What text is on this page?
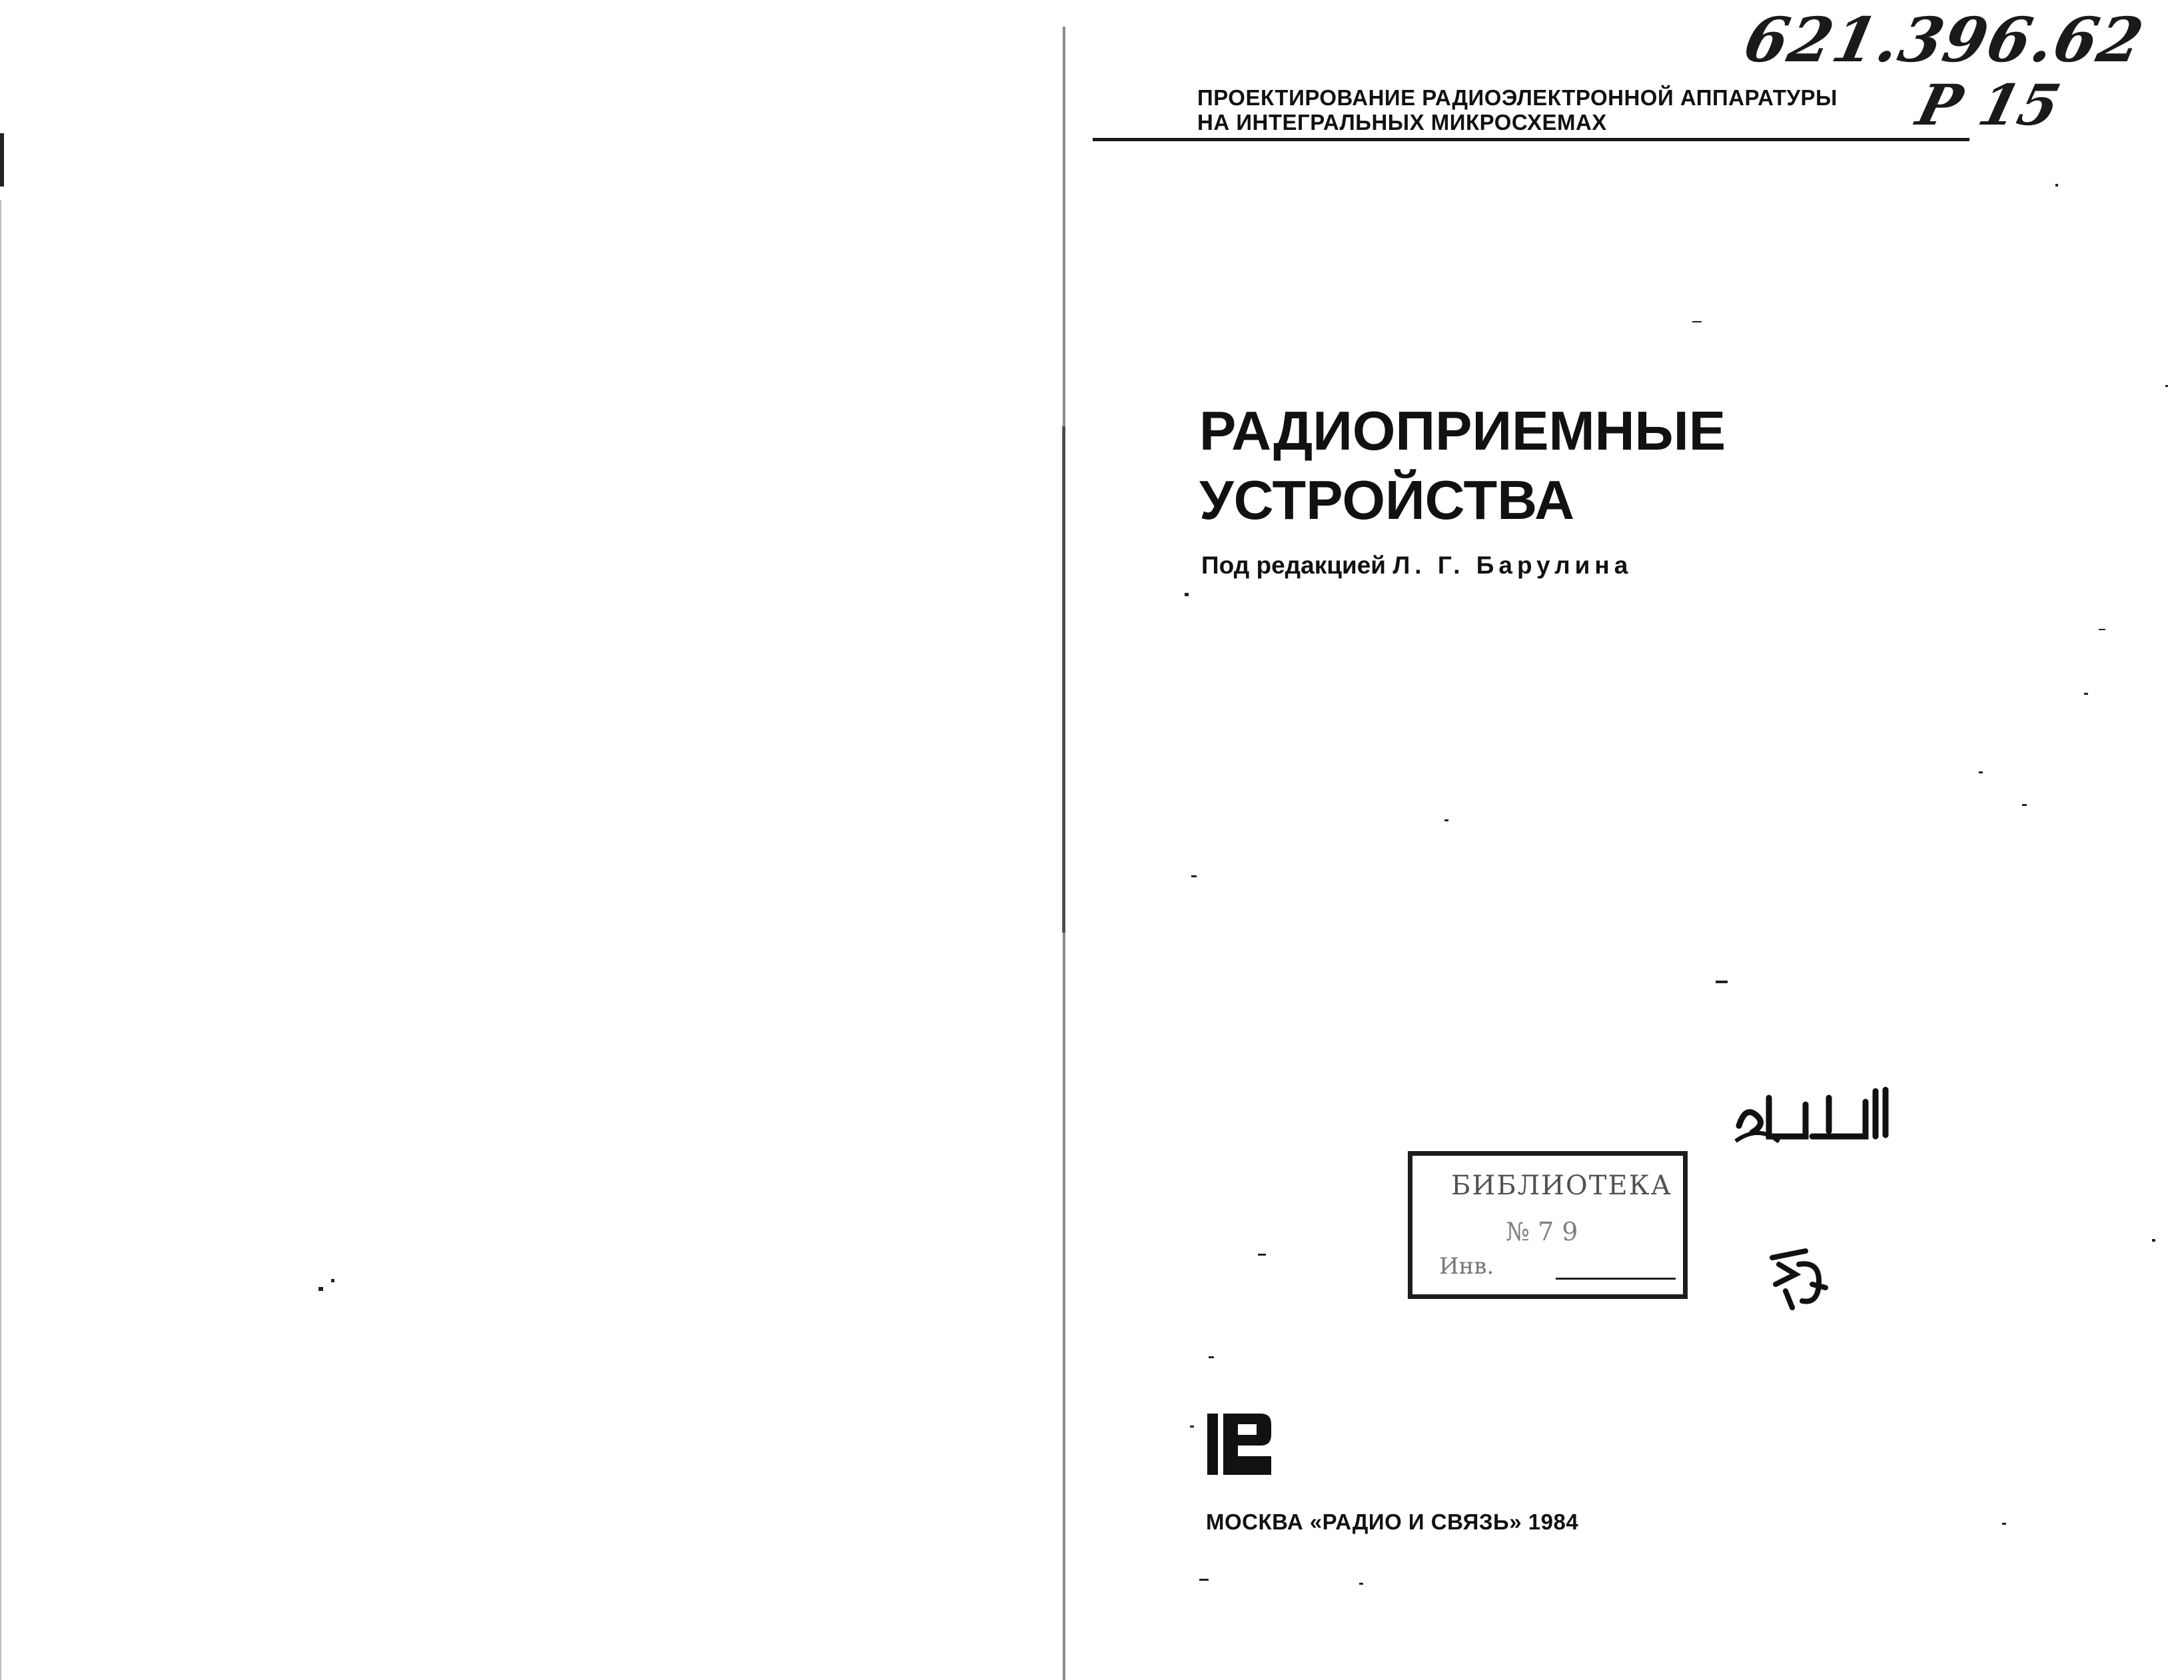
621.396.62
Р 15
ПРОЕКТИРОВАНИЕ РАДИОЭЛЕКТРОННОЙ АППАРАТУРЫ
НА ИНТЕГРАЛЬНЫХ МИКРОСХЕМАХ
РАДИОПРИЕМНЫЕ
УСТРОЙСТВА
Под редакцией Л. Г. Барулина
БИБЛИОТЕКА
№ 7 9
Инв.
МОСКВА «РАДИО И СВЯЗЬ» 1984
